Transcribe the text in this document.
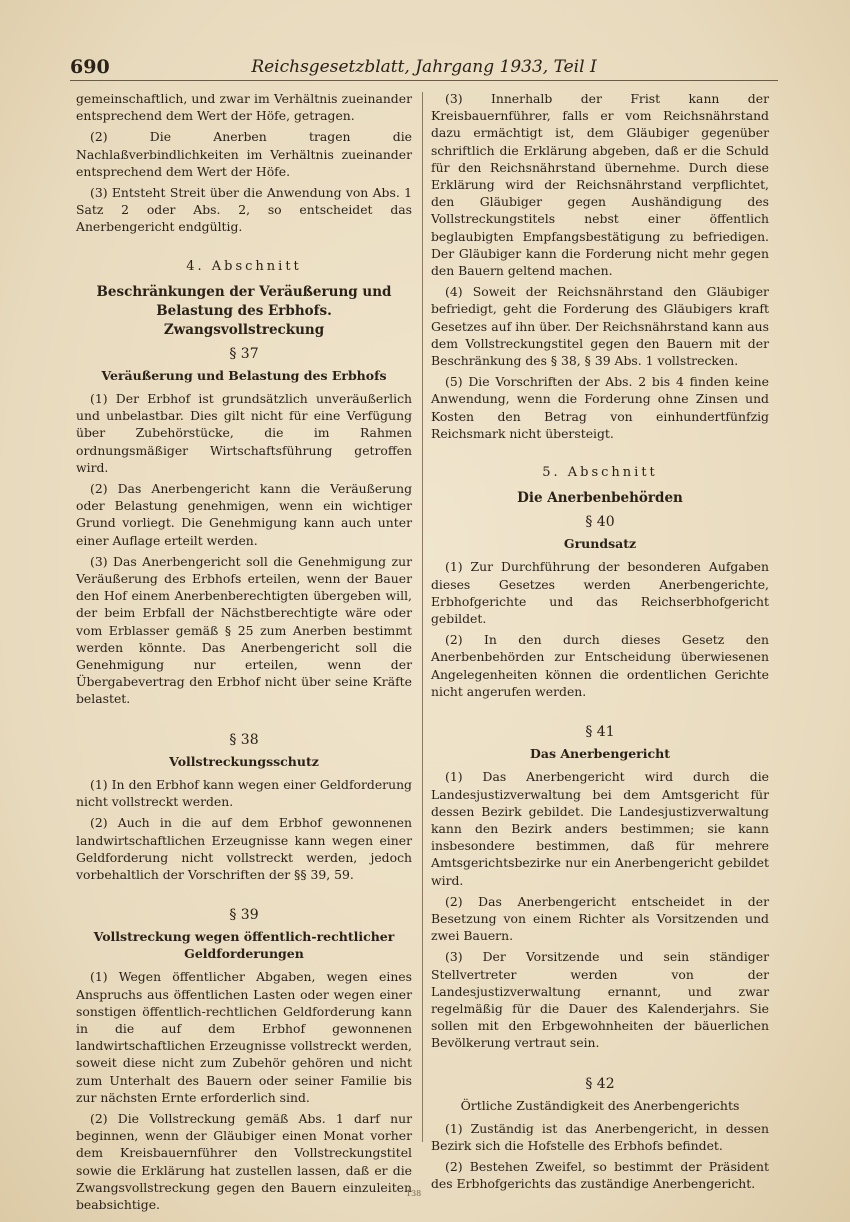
690	Reichsgesetzblatt, Jahrgang 1933, Teil I

gemeinschaftlich, und zwar im Verhältnis zueinander entsprechend dem Wert der Höfe, getragen.

(2) Die Anerben tragen die Nachlaßverbindlichkeiten im Verhältnis zueinander entsprechend dem Wert der Höfe.

(3) Entsteht Streit über die Anwendung von Abs. 1 Satz 2 oder Abs. 2, so entscheidet das Anerbengericht endgültig.

4. Abschnitt
Beschränkungen der Veräußerung und Belastung des Erbhofs. Zwangsvollstreckung
§ 37
Veräußerung und Belastung des Erbhofs

(1) Der Erbhof ist grundsätzlich unveräußerlich und unbelastbar. Dies gilt nicht für eine Verfügung über Zubehörstücke, die im Rahmen ordnungsmäßiger Wirtschaftsführung getroffen wird.

(2) Das Anerbengericht kann die Veräußerung oder Belastung genehmigen, wenn ein wichtiger Grund vorliegt. Die Genehmigung kann auch unter einer Auflage erteilt werden.

(3) Das Anerbengericht soll die Genehmigung zur Veräußerung des Erbhofs erteilen, wenn der Bauer den Hof einem Anerbenberechtigten übergeben will, der beim Erbfall der Nächstberechtigte wäre oder vom Erblasser gemäß § 25 zum Anerben bestimmt werden könnte. Das Anerbengericht soll die Genehmigung nur erteilen, wenn der Übergabevertrag den Erbhof nicht über seine Kräfte belastet.

§ 38
Vollstreckungsschutz

(1) In den Erbhof kann wegen einer Geldforderung nicht vollstreckt werden.

(2) Auch in die auf dem Erbhof gewonnenen landwirtschaftlichen Erzeugnisse kann wegen einer Geldforderung nicht vollstreckt werden, jedoch vorbehaltlich der Vorschriften der §§ 39, 59.

§ 39
Vollstreckung wegen öffentlich-rechtlicher Geldforderungen

(1) Wegen öffentlicher Abgaben, wegen eines Anspruchs aus öffentlichen Lasten oder wegen einer sonstigen öffentlich-rechtlichen Geldforderung kann in die auf dem Erbhof gewonnenen landwirtschaftlichen Erzeugnisse vollstreckt werden, soweit diese nicht zum Zubehör gehören und nicht zum Unterhalt des Bauern oder seiner Familie bis zur nächsten Ernte erforderlich sind.

(2) Die Vollstreckung gemäß Abs. 1 darf nur beginnen, wenn der Gläubiger einen Monat vorher dem Kreisbauernführer den Vollstreckungstitel sowie die Erklärung hat zustellen lassen, daß er die Zwangsvollstreckung gegen den Bauern einzuleiten beabsichtige.

(3) Innerhalb der Frist kann der Kreisbauernführer, falls er vom Reichsnährstand dazu ermächtigt ist, dem Gläubiger gegenüber schriftlich die Erklärung abgeben, daß er die Schuld für den Reichsnährstand übernehme. Durch diese Erklärung wird der Reichsnährstand verpflichtet, den Gläubiger gegen Aushändigung des Vollstreckungstitels nebst einer öffentlich beglaubigten Empfangsbestätigung zu befriedigen. Der Gläubiger kann die Forderung nicht mehr gegen den Bauern geltend machen.

(4) Soweit der Reichsnährstand den Gläubiger befriedigt, geht die Forderung des Gläubigers kraft Gesetzes auf ihn über. Der Reichsnährstand kann aus dem Vollstreckungstitel gegen den Bauern mit der Beschränkung des § 38, § 39 Abs. 1 vollstrecken.

(5) Die Vorschriften der Abs. 2 bis 4 finden keine Anwendung, wenn die Forderung ohne Zinsen und Kosten den Betrag von einhundertfünfzig Reichsmark nicht übersteigt.

5. Abschnitt
Die Anerbenbehörden
§ 40
Grundsatz

(1) Zur Durchführung der besonderen Aufgaben dieses Gesetzes werden Anerbengerichte, Erbhofgerichte und das Reichserbhofgericht gebildet.

(2) In den durch dieses Gesetz den Anerbenbehörden zur Entscheidung überwiesenen Angelegenheiten können die ordentlichen Gerichte nicht angerufen werden.

§ 41
Das Anerbengericht

(1) Das Anerbengericht wird durch die Landesjustizverwaltung bei dem Amtsgericht für dessen Bezirk gebildet. Die Landesjustizverwaltung kann den Bezirk anders bestimmen; sie kann insbesondere bestimmen, daß für mehrere Amtsgerichtsbezirke nur ein Anerbengericht gebildet wird.

(2) Das Anerbengericht entscheidet in der Besetzung von einem Richter als Vorsitzenden und zwei Bauern.

(3) Der Vorsitzende und sein ständiger Stellvertreter werden von der Landesjustizverwaltung ernannt, und zwar regelmäßig für die Dauer des Kalenderjahrs. Sie sollen mit den Erbgewohnheiten der bäuerlichen Bevölkerung vertraut sein.

§ 42
Örtliche Zuständigkeit des Anerbengerichts

(1) Zuständig ist das Anerbengericht, in dessen Bezirk sich die Hofstelle des Erbhofs befindet.

(2) Bestehen Zweifel, so bestimmt der Präsident des Erbhofgerichts das zuständige Anerbengericht.

138
